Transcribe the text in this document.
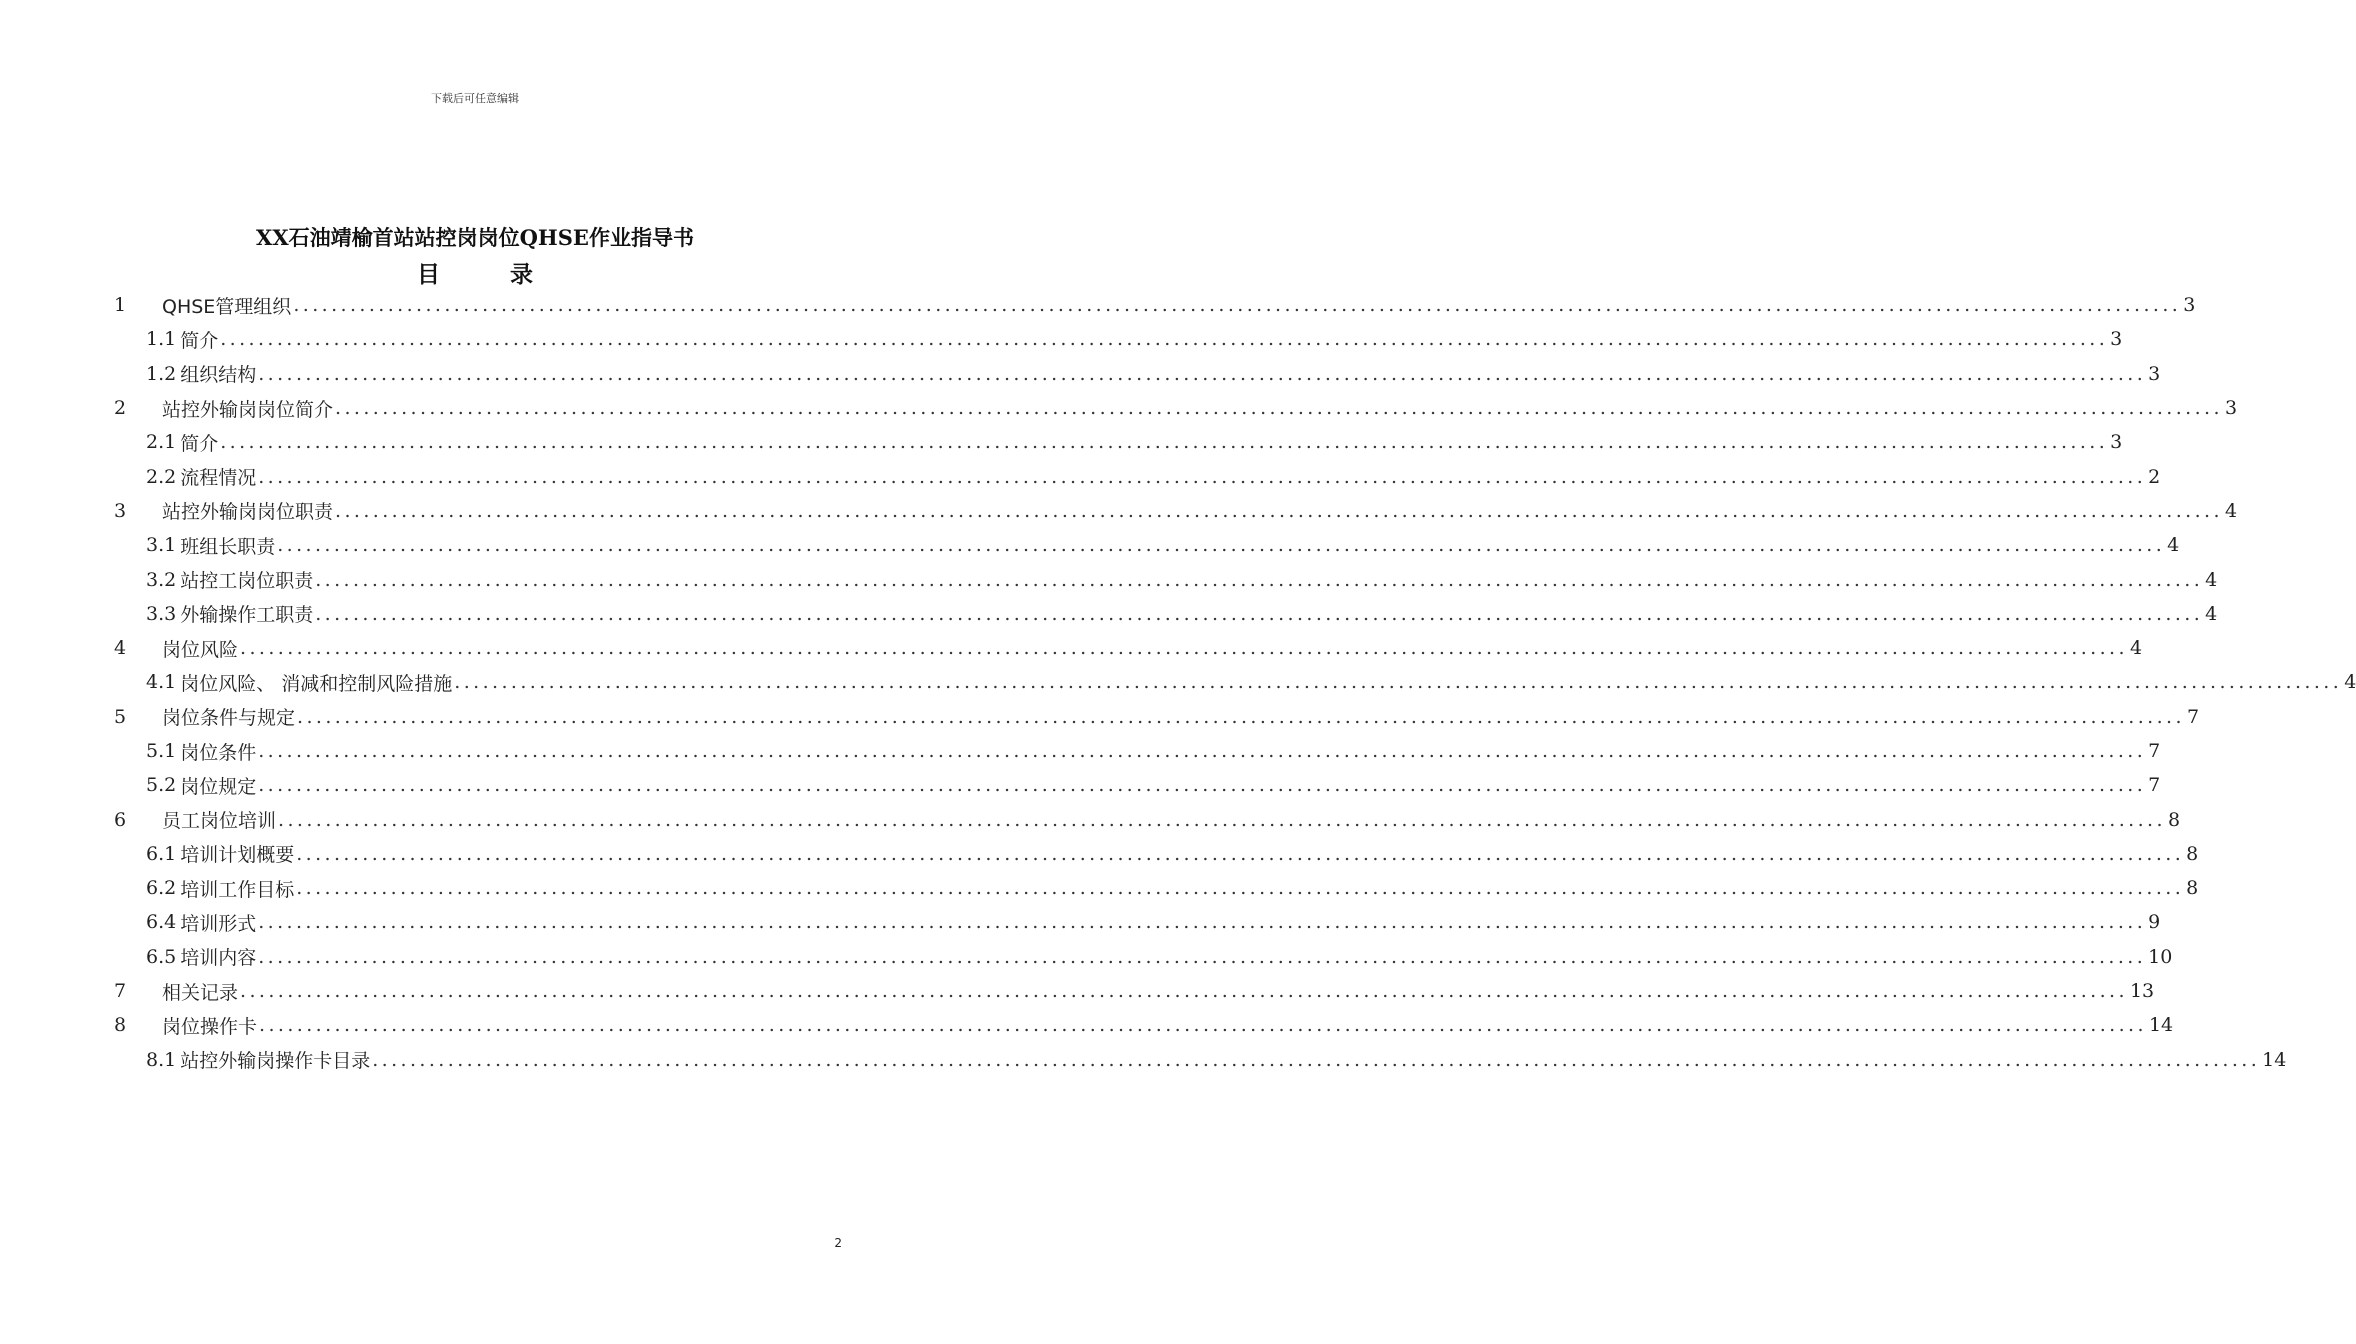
下载后可任意编辑
XX石油靖榆首站站控岗岗位QHSE作业指导书
目录
1	QHSE管理组织 ........................................................................................................................................................................................................ 3
1.1 简介 ........................................................................................................................................................................................................ 3
1.2 组织结构 ........................................................................................................................................................................................................ 3
2	站控外输岗岗位简介 ........................................................................................................................................................................................................ 3
2.1 简介 ........................................................................................................................................................................................................ 3
2.2 流程情况 ........................................................................................................................................................................................................ 2
3	站控外输岗岗位职责 ........................................................................................................................................................................................................ 4
3.1 班组长职责 ........................................................................................................................................................................................................ 4
3.2 站控工岗位职责 ........................................................................................................................................................................................................ 4
3.3 外输操作工职责 ........................................................................................................................................................................................................ 4
4	岗位风险 ........................................................................................................................................................................................................ 4
4.1 岗位风险、 消减和控制风险措施 ........................................................................................................................................................................................................ 4
5	岗位条件与规定 ........................................................................................................................................................................................................ 7
5.1 岗位条件 ........................................................................................................................................................................................................ 7
5.2 岗位规定 ........................................................................................................................................................................................................ 7
6	员工岗位培训 ........................................................................................................................................................................................................ 8
6.1 培训计划概要 ........................................................................................................................................................................................................ 8
6.2 培训工作目标 ........................................................................................................................................................................................................ 8
6.4 培训形式 ........................................................................................................................................................................................................ 9
6.5 培训内容 ........................................................................................................................................................................................................ 10
7	相关记录 ........................................................................................................................................................................................................ 13
8	岗位操作卡 ........................................................................................................................................................................................................ 14
8.1 站控外输岗操作卡目录 ........................................................................................................................................................................................................ 14
2
